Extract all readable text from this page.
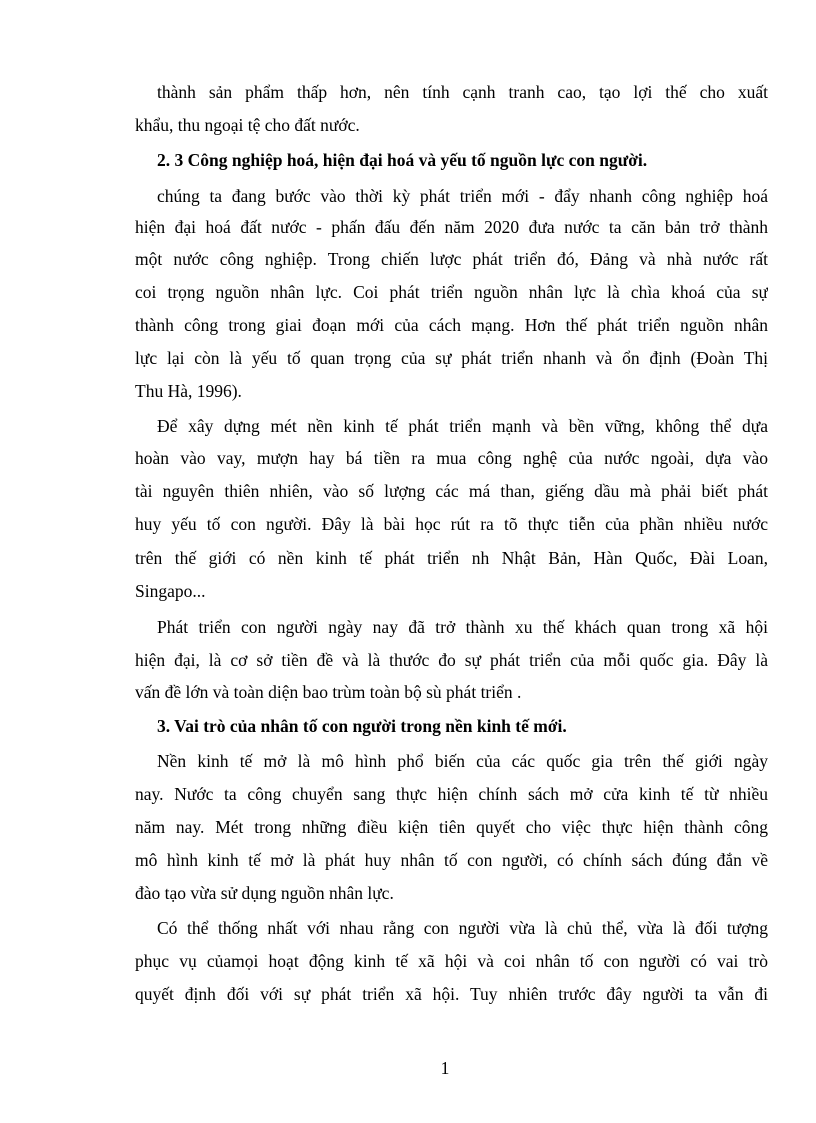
thành sản phẩm thấp hơn, nên tính cạnh tranh cao, tạo lợi thế cho xuất
khẩu, thu ngoại tệ cho đất nước.
2. 3 Công nghiệp hoá, hiện đại hoá và yếu tố nguồn lực con người.
chúng ta đang bước vào thời kỳ phát triển mới - đẩy nhanh công nghiệp hoá
hiện đại hoá đất nước - phấn đấu đến năm 2020 đưa nước ta căn bản trở thành
một nước công nghiệp. Trong chiến lược phát triển đó, Đảng và nhà nước rất
coi trọng nguồn nhân lực. Coi phát triển nguồn nhân lực là chìa khoá của sự
thành công trong giai đoạn mới của cách mạng. Hơn thế phát triển nguồn nhân
lực lại còn là yếu tố quan trọng của sự phát triển nhanh và ổn định (Đoàn Thị
Thu Hà, 1996).
Để xây dựng mét nền kinh tế phát triển mạnh và bền vững, không thể dựa
hoàn vào vay, mượn hay bá tiền ra mua công nghệ của nước ngoài, dựa vào
tài nguyên thiên nhiên, vào số lượng các má than, giếng dầu mà phải biết phát
huy yếu tố con người. Đây là bài học rút ra tõ thực tiễn của phần nhiều nước
trên thế giới có nền kinh tế phát triển nh Nhật Bản, Hàn Quốc, Đài Loan,
Singapo...
Phát triển con người ngày nay đã trở thành xu thế khách quan trong xã hội
hiện đại, là cơ sở tiền đề và là thước đo sự phát triển của mỗi quốc gia. Đây là
vấn đề lớn và toàn diện bao trùm toàn bộ sù phát triển .
3. Vai trò của nhân tố con người trong nền kinh tế mới.
Nền kinh tế mở là mô hình phổ biến của các quốc gia trên thế giới ngày
nay. Nước ta công chuyển sang thực hiện chính sách mở cửa kinh tế từ nhiều
năm nay. Mét trong những điều kiện tiên quyết cho việc thực hiện thành công
mô hình kinh tế mở là phát huy nhân tố con người, có chính sách đúng đắn về
đào tạo vừa sử dụng nguồn nhân lực.
Có thể thống nhất với nhau rằng con người vừa là chủ thể, vừa là đối tượng
phục vụ củamọi hoạt động kinh tế xã hội và coi nhân tố con người có vai trò
quyết định đối với sự phát triển xã hội. Tuy nhiên trước đây người ta vẫn đi
1
